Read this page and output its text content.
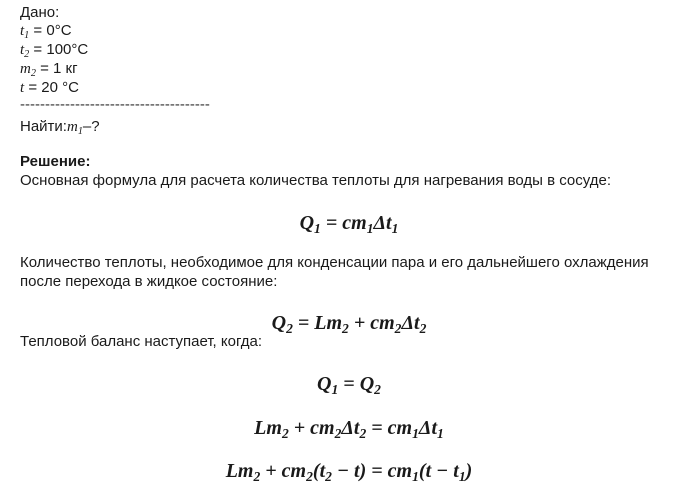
Дано:
$t_1 = 0^\circ C$
$t_2 = 100^\circ C$
$m_2 = 1$ кг
t = 20 °C
--------------------------------------
$Найти:m_1-$?
Решение:
Основная формула для расчета количества теплоты для нагревания воды в сосуде:
$Q_1 = cm_1\Delta t_1$
Количество теплоты, необходимое для конденсации пара и его дальнейшего охлаждения
после перехода в жидкое состояние:
$Q_2 = Lm_2 + cm_2\Delta t_2$
Тепловой баланс наступает, когда:
$Q_1 = Q_2$
$Lm_2 + cm_2\Delta t_2 = cm_1\Delta t_1$
$Lm_2 + cm_2(t_2 - t) = cm_1(t - t_1)$
